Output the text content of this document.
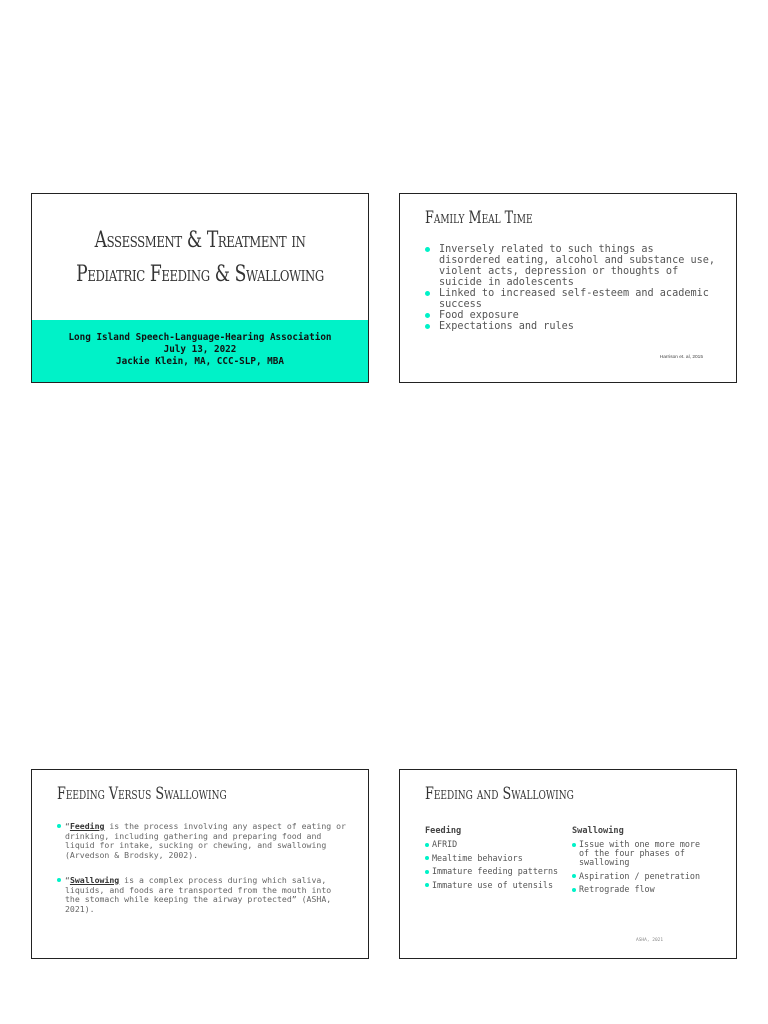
Assessment & Treatment in
Pediatric Feeding & Swallowing
Long Island Speech-Language-Hearing Association
July 13, 2022
Jackie Klein, MA, CCC-SLP, MBA
Family Meal Time
Inversely related to such things as disordered eating, alcohol and substance use, violent acts, depression or thoughts of suicide in adolescents
Linked to increased self-esteem and academic success
Food exposure
Expectations and rules
Harrison et. al, 2015
Feeding Versus Swallowing
“Feeding is the process involving any aspect of eating or drinking, including gathering and preparing food and liquid for intake, sucking or chewing, and swallowing (Arvedson & Brodsky, 2002).
“Swallowing is a complex process during which saliva, liquids, and foods are transported from the mouth into the stomach while keeping the airway protected” (ASHA, 2021).
Feeding and Swallowing
Feeding
AFRID
Mealtime behaviors
Immature feeding patterns
Immature use of utensils
Swallowing
Issue with one more more of the four phases of swallowing
Aspiration / penetration
Retrograde flow
ASHA, 2021
